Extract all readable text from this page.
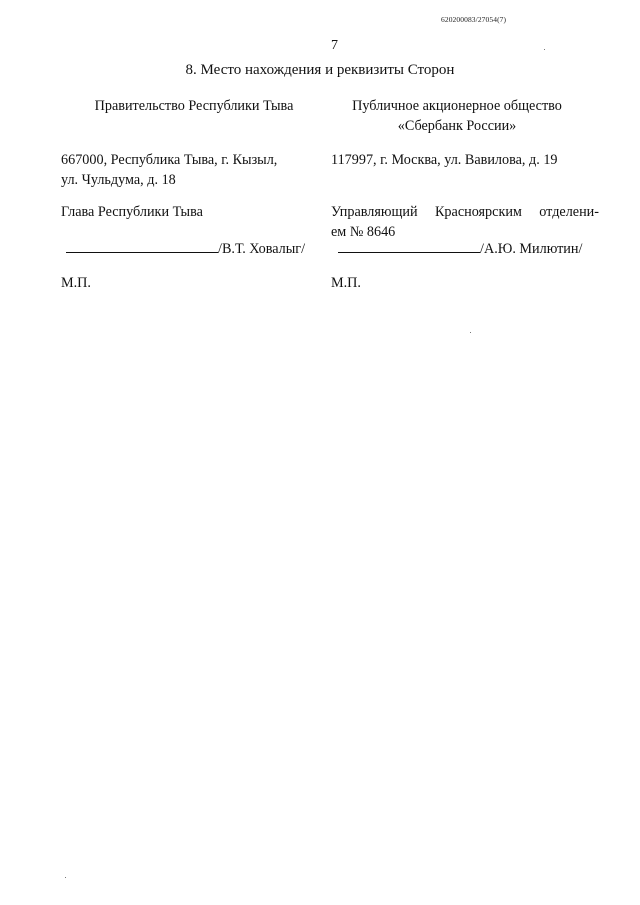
620200083/27054(7)
7
8. Место нахождения и реквизиты Сторон
Правительство Республики Тыва
667000, Республика Тыва, г. Кызыл,
ул. Чульдума, д. 18
Глава Республики Тыва
/В.Т. Ховалыг/
М.П.
Публичное акционерное общество
«Сбербанк России»
117997, г. Москва, ул. Вавилова, д. 19
Управляющий Красноярским отделени-
ем № 8646
/А.Ю. Милютин/
М.П.
